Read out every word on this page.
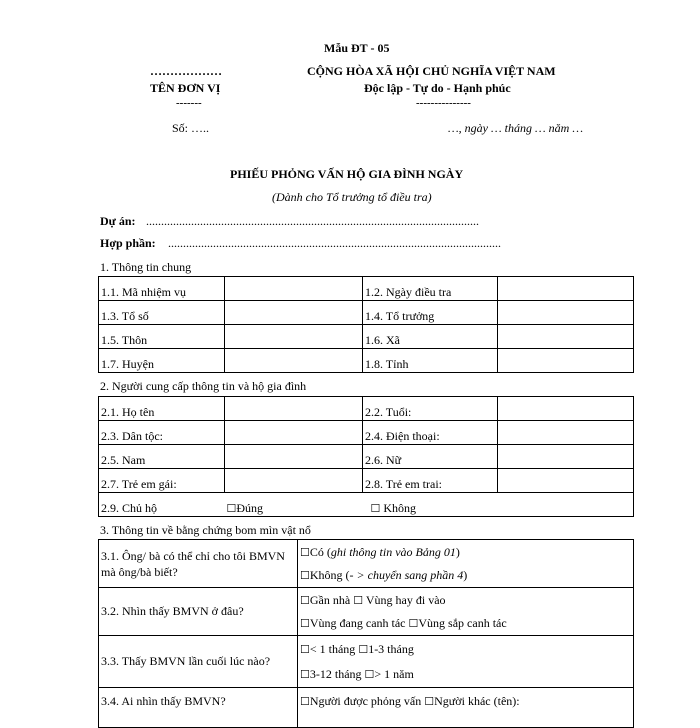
Mẫu ĐT - 05
………………
TÊN ĐƠN VỊ
-------
Số: …..
CỘNG HÒA XÃ HỘI CHỦ NGHĨA VIỆT NAM
Độc lập - Tự do - Hạnh phúc
---------------
…, ngày … tháng … năm …
PHIẾU PHỎNG VẤN HỘ GIA ĐÌNH NGÀY
(Dành cho Tổ trưởng tổ điều tra)
Dự án: ...............................................................................................................
Hợp phần: ...............................................................................................................
1. Thông tin chung
1.1. Mã nhiệm vụ		1.2. Ngày điều tra	
1.3. Tổ số		1.4. Tổ trưởng	
1.5. Thôn		1.6. Xã	
1.7. Huyện		1.8. Tỉnh	
2. Người cung cấp thông tin và hộ gia đình
2.1. Họ tên		2.2. Tuổi:	
2.3. Dân tộc:		2.4. Điện thoại:	
2.5. Nam		2.6. Nữ	
2.7. Trẻ em gái:		2.8. Trẻ em trai:	
2.9. Chủ hộ	☐Đúng	☐ Không	
3. Thông tin về bằng chứng bom mìn vật nổ
3.1. Ông/ bà có thể chỉ cho tôi BMVN mà ông/bà biết?	☐Có (ghi thông tin vào Bảng 01)
☐Không (- > chuyển sang phần 4)

3.2. Nhìn thấy BMVN ở đâu?	☐Gần nhà ☐ Vùng hay đi vào
☐Vùng đang canh tác ☐Vùng sắp canh tác

3.3. Thấy BMVN lần cuối lúc nào?	☐< 1 tháng ☐1-3 tháng
☐3-12 tháng ☐> 1 năm

3.4. Ai nhìn thấy BMVN?	☐Người được phỏng vấn ☐Người khác (tên):
